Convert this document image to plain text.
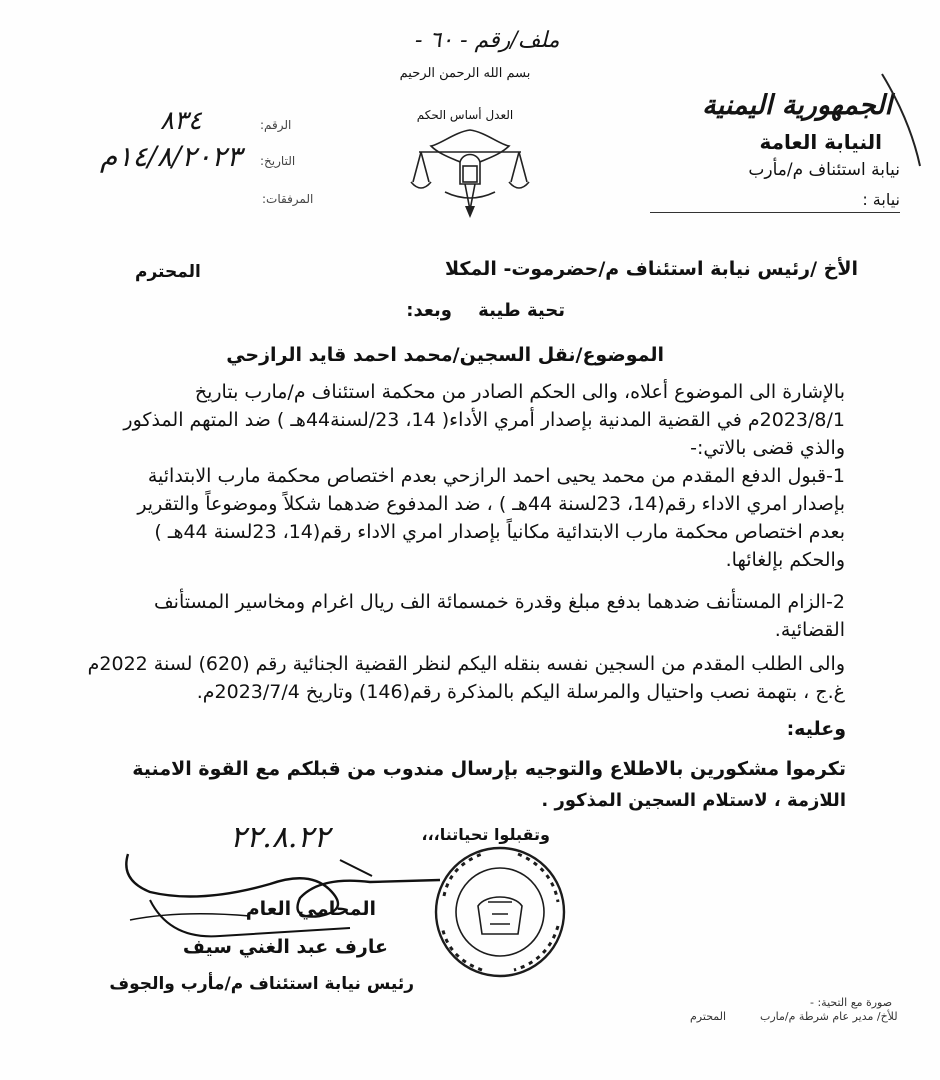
ملف/رقم - ٦٠ -
بسم الله الرحمن الرحيم
العدل أساس الحكم	الجمهورية اليمنية
النيابة العامة
نيابة استئناف م/مأرب
نيابة :
الرقم:
٨٣٤
التاريخ:
١٤/٨/٢٠٢٣م
المرفقات:
الأخ /رئيس نيابة استئناف م/حضرموت- المكلا
المحترم
تحية طيبة
وبعد:
الموضوع/نقل السجين/محمد احمد قايد الرازحي
بالإشارة الى الموضوع أعلاه، والى الحكم الصادر من محكمة استئناف م/مارب بتاريخ
2023/8/1م في القضية المدنية بإصدار أمري الأداء( 14، 23/لسنة44هـ ) ضد المتهم المذكور
والذي قضى بالاتي:-
1-قبول الدفع المقدم من محمد يحيى احمد الرازحي بعدم اختصاص محكمة مارب الابتدائية
بإصدار امري الاداء رقم(14، 23لسنة 44هـ ) ، ضد المدفوع ضدهما شكلاً وموضوعاً والتقرير
بعدم اختصاص محكمة مارب الابتدائية مكانياً بإصدار امري الاداء رقم(14، 23لسنة 44هـ )
والحكم بإلغائها.
2-الزام المستأنف ضدهما بدفع مبلغ وقدرة خمسمائة الف ريال اغرام ومخاسير المستأنف
القضائية.
والى الطلب المقدم من السجين نفسه بنقله اليكم لنظر القضية الجنائية رقم (620) لسنة 2022م
غ.ج ، بتهمة نصب واحتيال والمرسلة اليكم بالمذكرة رقم(146) وتاريخ 2023/7/4م.
وعليه:
تكرموا مشكورين بالاطلاع والتوجيه بإرسال مندوب من قبلكم مع القوة الامنية
اللازمة ، لاستلام السجين المذكور .
وتقبلوا تحياتنا،،،
٢٢.٨.٢٢
المحامي العام
عارف عبد الغني سيف
رئيس نيابة استئناف م/مأرب والجوف
صورة مع التحية: -
للأخ/ مدير عام شرطة م/مارب
المحترم
